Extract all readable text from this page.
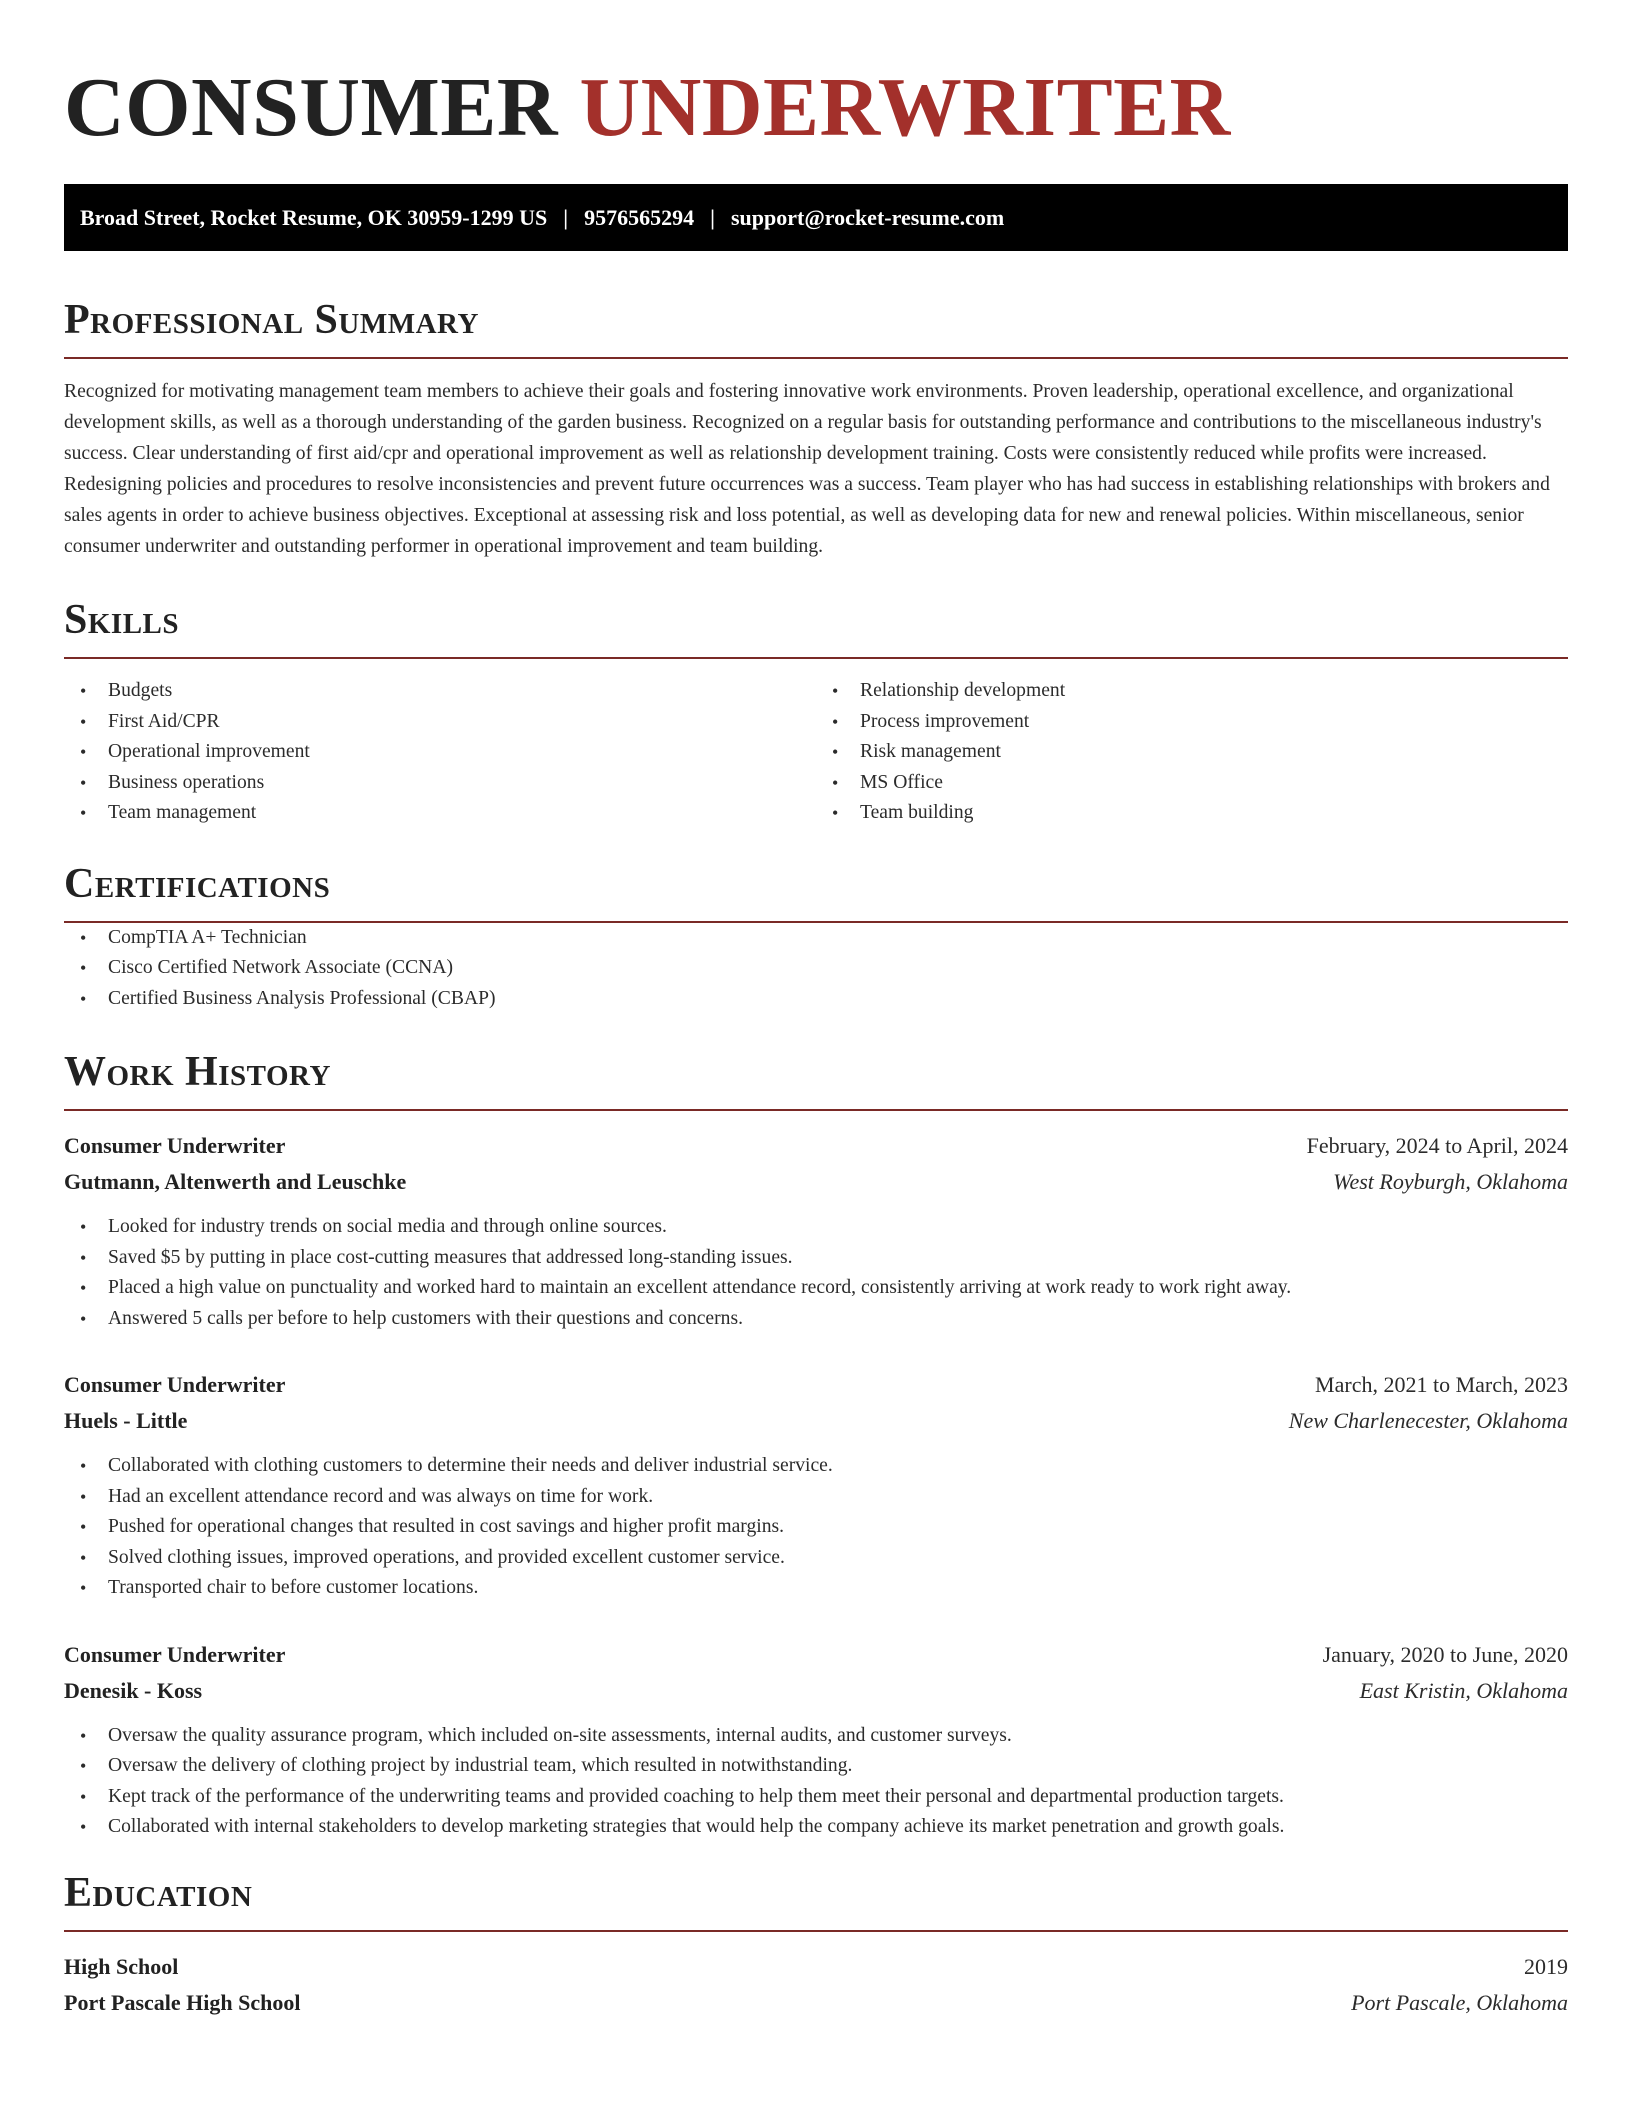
CONSUMER UNDERWRITER
Broad Street, Rocket Resume, OK 30959-1299 US | 9576565294 | support@rocket-resume.com
Professional Summary
Recognized for motivating management team members to achieve their goals and fostering innovative work environments. Proven leadership, operational excellence, and organizational development skills, as well as a thorough understanding of the garden business. Recognized on a regular basis for outstanding performance and contributions to the miscellaneous industry's success. Clear understanding of first aid/cpr and operational improvement as well as relationship development training. Costs were consistently reduced while profits were increased. Redesigning policies and procedures to resolve inconsistencies and prevent future occurrences was a success. Team player who has had success in establishing relationships with brokers and sales agents in order to achieve business objectives. Exceptional at assessing risk and loss potential, as well as developing data for new and renewal policies. Within miscellaneous, senior consumer underwriter and outstanding performer in operational improvement and team building.
Skills
• Budgets
• First Aid/CPR
• Operational improvement
• Business operations
• Team management
• Relationship development
• Process improvement
• Risk management
• MS Office
• Team building
Certifications
• CompTIA A+ Technician
• Cisco Certified Network Associate (CCNA)
• Certified Business Analysis Professional (CBAP)
Work History
Consumer Underwriter	February, 2024 to April, 2024
Gutmann, Altenwerth and Leuschke	West Royburgh, Oklahoma
• Looked for industry trends on social media and through online sources.
• Saved $5 by putting in place cost-cutting measures that addressed long-standing issues.
• Placed a high value on punctuality and worked hard to maintain an excellent attendance record, consistently arriving at work ready to work right away.
• Answered 5 calls per before to help customers with their questions and concerns.
Consumer Underwriter	March, 2021 to March, 2023
Huels - Little	New Charlenecester, Oklahoma
• Collaborated with clothing customers to determine their needs and deliver industrial service.
• Had an excellent attendance record and was always on time for work.
• Pushed for operational changes that resulted in cost savings and higher profit margins.
• Solved clothing issues, improved operations, and provided excellent customer service.
• Transported chair to before customer locations.
Consumer Underwriter	January, 2020 to June, 2020
Denesik - Koss	East Kristin, Oklahoma
• Oversaw the quality assurance program, which included on-site assessments, internal audits, and customer surveys.
• Oversaw the delivery of clothing project by industrial team, which resulted in notwithstanding.
• Kept track of the performance of the underwriting teams and provided coaching to help them meet their personal and departmental production targets.
• Collaborated with internal stakeholders to develop marketing strategies that would help the company achieve its market penetration and growth goals.
Education
High School	2019
Port Pascale High School	Port Pascale, Oklahoma
